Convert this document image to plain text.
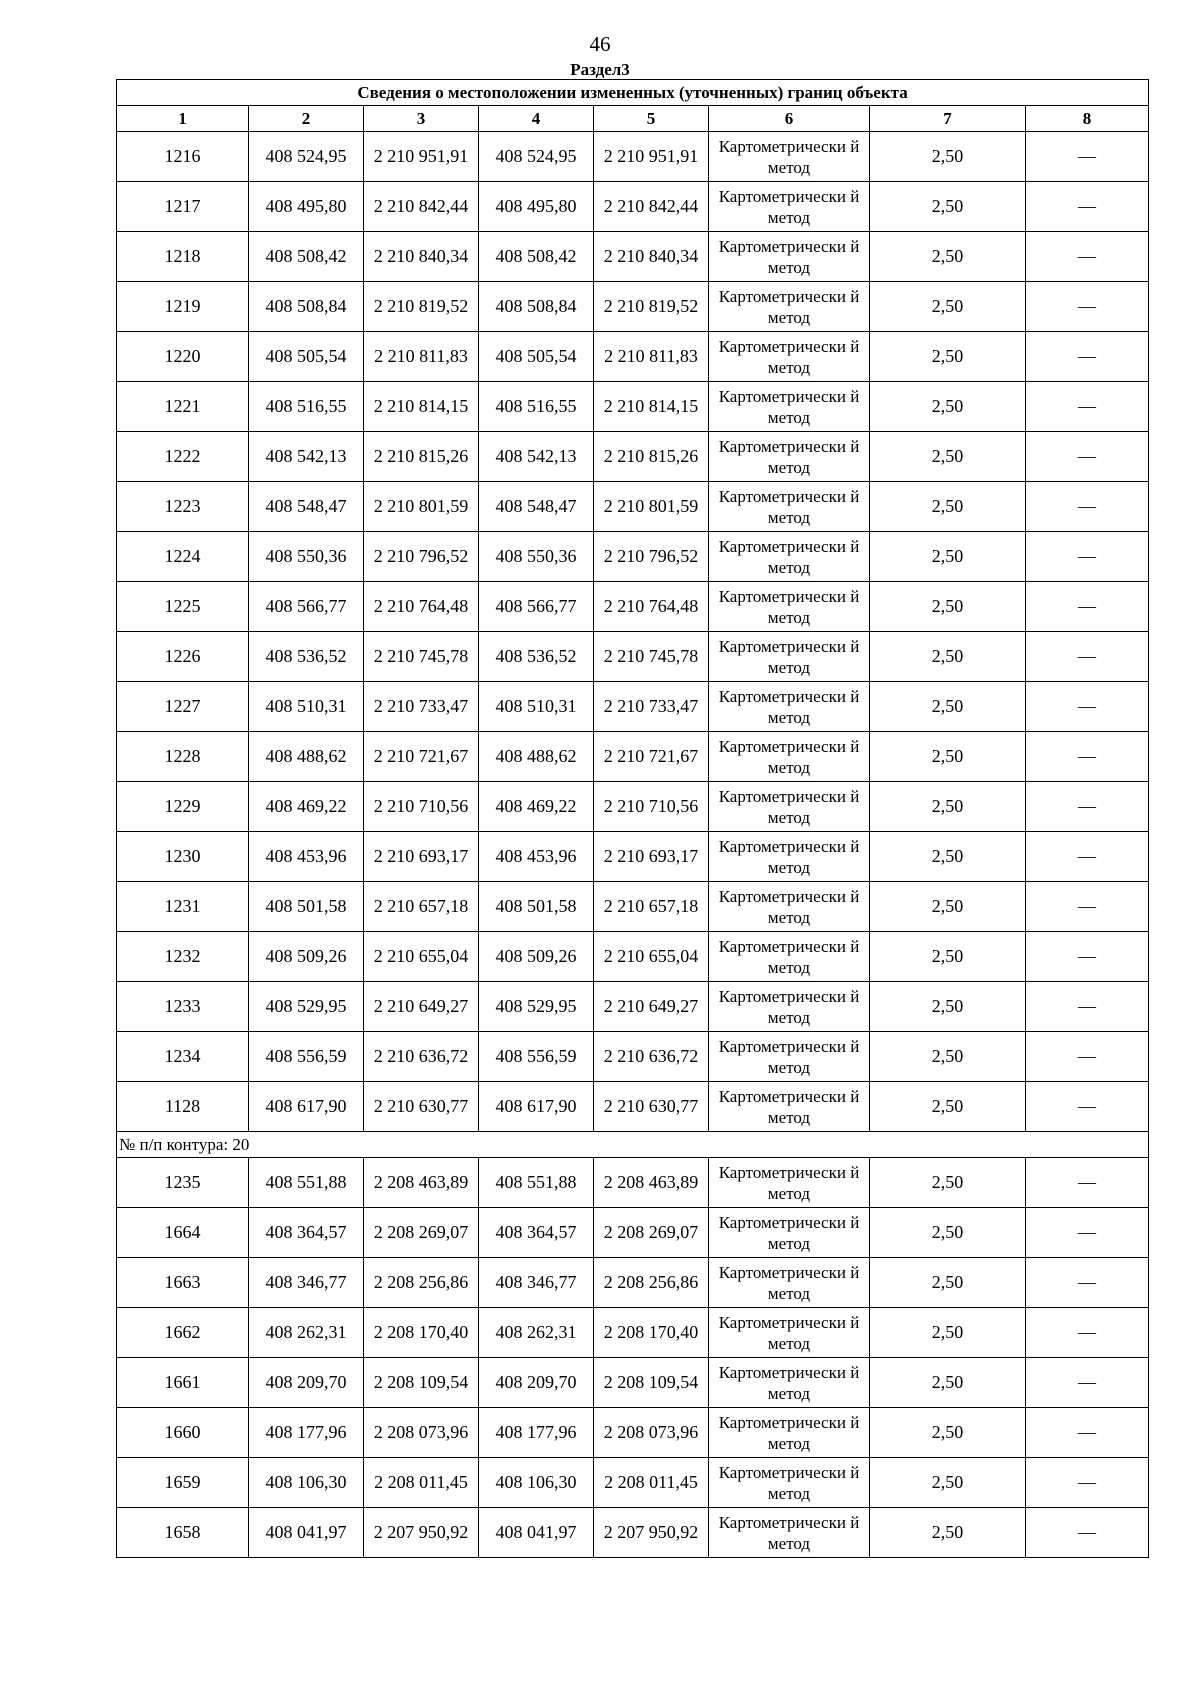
46
Раздел3
Сведения о местоположении измененных (уточненных) границ объекта							
1	2	3	4	5	6	7	8
1216	408 524,95	2 210 951,91	408 524,95	2 210 951,91	Картометрически й метод	2,50	—
1217	408 495,80	2 210 842,44	408 495,80	2 210 842,44	Картометрически й метод	2,50	—
1218	408 508,42	2 210 840,34	408 508,42	2 210 840,34	Картометрически й метод	2,50	—
1219	408 508,84	2 210 819,52	408 508,84	2 210 819,52	Картометрически й метод	2,50	—
1220	408 505,54	2 210 811,83	408 505,54	2 210 811,83	Картометрически й метод	2,50	—
1221	408 516,55	2 210 814,15	408 516,55	2 210 814,15	Картометрически й метод	2,50	—
1222	408 542,13	2 210 815,26	408 542,13	2 210 815,26	Картометрически й метод	2,50	—
1223	408 548,47	2 210 801,59	408 548,47	2 210 801,59	Картометрически й метод	2,50	—
1224	408 550,36	2 210 796,52	408 550,36	2 210 796,52	Картометрически й метод	2,50	—
1225	408 566,77	2 210 764,48	408 566,77	2 210 764,48	Картометрически й метод	2,50	—
1226	408 536,52	2 210 745,78	408 536,52	2 210 745,78	Картометрически й метод	2,50	—
1227	408 510,31	2 210 733,47	408 510,31	2 210 733,47	Картометрически й метод	2,50	—
1228	408 488,62	2 210 721,67	408 488,62	2 210 721,67	Картометрически й метод	2,50	—
1229	408 469,22	2 210 710,56	408 469,22	2 210 710,56	Картометрически й метод	2,50	—
1230	408 453,96	2 210 693,17	408 453,96	2 210 693,17	Картометрически й метод	2,50	—
1231	408 501,58	2 210 657,18	408 501,58	2 210 657,18	Картометрически й метод	2,50	—
1232	408 509,26	2 210 655,04	408 509,26	2 210 655,04	Картометрически й метод	2,50	—
1233	408 529,95	2 210 649,27	408 529,95	2 210 649,27	Картометрически й метод	2,50	—
1234	408 556,59	2 210 636,72	408 556,59	2 210 636,72	Картометрически й метод	2,50	—
1128	408 617,90	2 210 630,77	408 617,90	2 210 630,77	Картометрически й метод	2,50	—
№ п/п контура: 20							
1235	408 551,88	2 208 463,89	408 551,88	2 208 463,89	Картометрически й метод	2,50	—
1664	408 364,57	2 208 269,07	408 364,57	2 208 269,07	Картометрически й метод	2,50	—
1663	408 346,77	2 208 256,86	408 346,77	2 208 256,86	Картометрически й метод	2,50	—
1662	408 262,31	2 208 170,40	408 262,31	2 208 170,40	Картометрически й метод	2,50	—
1661	408 209,70	2 208 109,54	408 209,70	2 208 109,54	Картометрически й метод	2,50	—
1660	408 177,96	2 208 073,96	408 177,96	2 208 073,96	Картометрически й метод	2,50	—
1659	408 106,30	2 208 011,45	408 106,30	2 208 011,45	Картометрически й метод	2,50	—
1658	408 041,97	2 207 950,92	408 041,97	2 207 950,92	Картометрически й метод	2,50	—
